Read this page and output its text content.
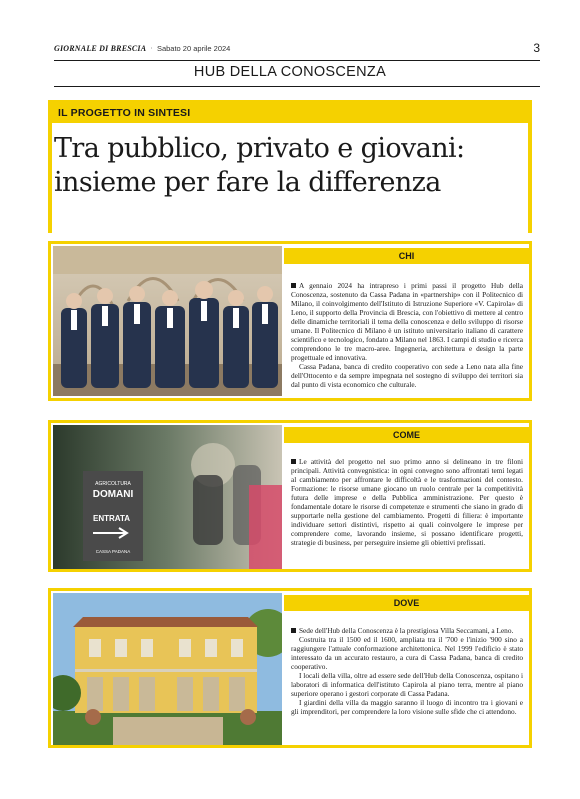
GIORNALE DI BRESCIA · Sabato 20 aprile 2024	3
HUB DELLA CONOSCENZA
IL PROGETTO IN SINTESI
Tra pubblico, privato e giovani: insieme per fare la differenza
CHI

A gennaio 2024 ha intrapreso i primi passi il progetto Hub della Conoscenza, sostenuto da Cassa Padana in «partnership» con il Politecnico di Milano, il coinvolgimento dell'Istituto di Istruzione Superiore «V. Capirola» di Leno, il supporto della Provincia di Brescia, con l'obiettivo di mettere al centro delle dinamiche territoriali il tema della conoscenza e dello sviluppo di risorse umane. Il Politecnico di Milano è un istituto universitario italiano di carattere scientifico e tecnologico, fondato a Milano nel 1863. I campi di studio e ricerca comprendono le tre macro-aree. Ingegneria, architettura e design la parte progettuale ed innovativa.

Cassa Padana, banca di credito cooperativo con sede a Leno nata alla fine dell'Ottocento e da sempre impegnata nel sostegno di sviluppo dei territori sia dal punto di vista economico che culturale.

AGRICOLTURA
DOMANI
ENTRATA
CASSA PADANA
COME

Le attività del progetto nel suo primo anno si delineano in tre filoni principali. Attività convegnistica: in ogni convegno sono affrontati temi legati al cambiamento per affrontare le difficoltà e le trasformazioni del contesto. Formazione: le risorse umane giocano un ruolo centrale per la competitività futura delle imprese e della Pubblica amministrazione. Per questo è fondamentale dotare le risorse di competenze e strumenti che siano in grado di supportarle nella gestione del cambiamento. Progetti di filiera: è importante individuare settori distintivi, rispetto ai quali coinvolgere le imprese per comprendere come, lavorando insieme, si possano identificare progetti, strategie di business, per perseguire insieme gli obiettivi prefissati.

DOVE

Sede dell'Hub della Conoscenza è la prestigiosa Villa Seccamani, a Leno.

Costruita tra il 1500 ed il 1600, ampliata tra il '700 e l'inizio '900 sino a raggiungere l'attuale conformazione architettonica. Nel 1999 l'edificio è stato interessato da un accurato restauro, a cura di Cassa Padana, banca di credito cooperativo.

I locali della villa, oltre ad essere sede dell'Hub della Conoscenza, ospitano i laboratori di informatica dell'istituto Capirola al piano terra, mentre al piano superiore operano i gestori corporate di Cassa Padana.

I giardini della villa da maggio saranno il luogo di incontro tra i giovani e gli imprenditori, per comprendere la loro visione sulle sfide che ci attendono.
